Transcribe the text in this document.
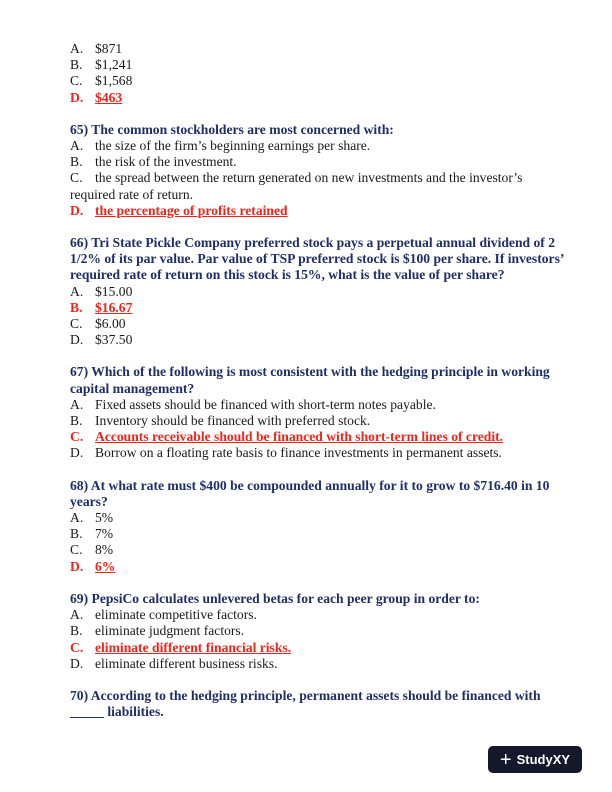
A. $871
B. $1,241
C. $1,568
D. $463
65) The common stockholders are most concerned with:
A. the size of the firm’s beginning earnings per share.
B. the risk of the investment.
C. the spread between the return generated on new investments and the investor’s required rate of return.
D. the percentage of profits retained
66) Tri State Pickle Company preferred stock pays a perpetual annual dividend of 2 1/2% of its par value. Par value of TSP preferred stock is $100 per share. If investors’ required rate of return on this stock is 15%, what is the value of per share?
A. $15.00
B. $16.67
C. $6.00
D. $37.50
67) Which of the following is most consistent with the hedging principle in working capital management?
A. Fixed assets should be financed with short-term notes payable.
B. Inventory should be financed with preferred stock.
C. Accounts receivable should be financed with short-term lines of credit.
D. Borrow on a floating rate basis to finance investments in permanent assets.
68) At what rate must $400 be compounded annually for it to grow to $716.40 in 10 years?
A. 5%
B. 7%
C. 8%
D. 6%
69) PepsiCo calculates unlevered betas for each peer group in order to:
A. eliminate competitive factors.
B. eliminate judgment factors.
C. eliminate different financial risks.
D. eliminate different business risks.
70) According to the hedging principle, permanent assets should be financed with _____ liabilities.
+ StudyXY
